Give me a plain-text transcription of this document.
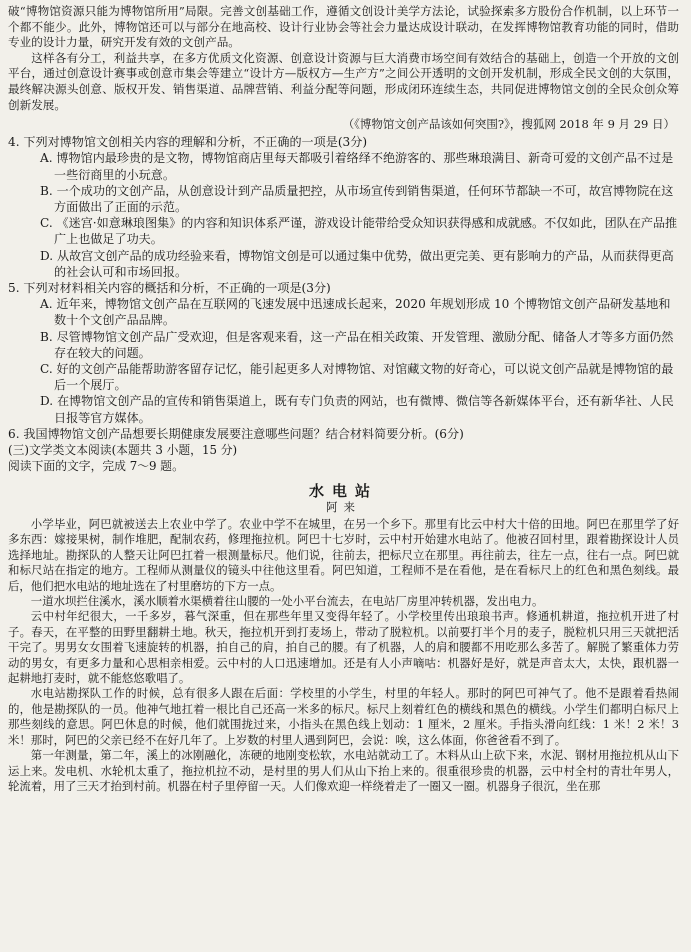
破“博物馆资源只能为博物馆所用”局限。完善文创基础工作，遵循文创设计美学方法论，试验探索多方股份合作机制，以上环节一个都不能少。此外，博物馆还可以与部分在地高校、设计行业协会等社会力量达成设计联动，在发挥博物馆教育功能的同时，借助专业的设计力量，研究开发有效的文创产品。

这样各有分工，利益共享，在多方优质文化资源、创意设计资源与巨大消费市场空间有效结合的基础上，创造一个开放的文创平台，通过创意设计赛事或创意市集会等建立“设计方—版权方—生产方”之间公开透明的文创开发机制，形成全民文创的大氛围，最终解决源头创意、版权开发、销售渠道、品牌营销、利益分配等问题，形成闭环连续生态，共同促进博物馆文创的全民众创众筹创新发展。

（《博物馆文创产品该如何突围?》，搜狐网 2018 年 9 月 29 日）

4. 下列对博物馆文创相关内容的理解和分析，不正确的一项是(3分)

A. 博物馆内最珍贵的是文物，博物馆商店里每天都吸引着络绎不绝游客的、那些琳琅满目、新奇可爱的文创产品不过是一些衍商里的小玩意。

B. 一个成功的文创产品，从创意设计到产品质量把控，从市场宣传到销售渠道，任何环节都缺一不可，故宫博物院在这方面做出了正面的示范。

C. 《迷宫·如意琳琅图集》的内容和知识体系严谨，游戏设计能带给受众知识获得感和成就感。不仅如此，团队在产品推广上也做足了功夫。

D. 从故宫文创产品的成功经验来看，博物馆文创是可以通过集中优势，做出更完美、更有影响力的产品，从而获得更高的社会认可和市场回报。

5. 下列对材料相关内容的概括和分析，不正确的一项是(3分)

A. 近年来，博物馆文创产品在互联网的飞速发展中迅速成长起来，2020 年规划形成 10 个博物馆文创产品研发基地和数十个文创产品品牌。

B. 尽管博物馆文创产品广受欢迎，但是客观来看，这一产品在相关政策、开发管理、激励分配、储备人才等多方面仍然存在较大的问题。

C. 好的文创产品能帮助游客留存记忆，能引起更多人对博物馆、对馆藏文物的好奇心，可以说文创产品就是博物馆的最后一个展厅。

D. 在博物馆文创产品的宣传和销售渠道上，既有专门负责的网站，也有微博、微信等各新媒体平台，还有新华社、人民日报等官方媒体。

6. 我国博物馆文创产品想要长期健康发展要注意哪些问题？结合材料简要分析。(6分)

(三)文学类文本阅读(本题共 3 小题，15 分)

阅读下面的文字，完成 7～9 题。

水电站

阿来

小学毕业，阿巴就被送去上农业中学了。农业中学不在城里，在另一个乡下。那里有比云中村大十倍的田地。阿巴在那里学了好多东西：嫁接果树，制作堆肥，配制农药，修理拖拉机。阿巴十七岁时，云中村开始建水电站了。他被召回村里，跟着勘探设计人员选择地址。勘探队的人整天让阿巴扛着一根测量标尺。他们说，往前去，把标尺立在那里。再往前去，往左一点，往右一点。阿巴就和标尺站在指定的地方。工程师从测量仪的镜头中往他这里看。阿巴知道，工程师不是在看他，是在看标尺上的红色和黑色刻线。最后，他们把水电站的地址选在了村里磨坊的下方一点。

一道水坝拦住溪水，溪水顺着水渠横着往山腰的一处小平台流去，在电站厂房里冲转机器，发出电力。

云中村年纪很大，一千多岁，暮气深重，但在那些年里又变得年轻了。小学校里传出琅琅书声。修通机耕道，拖拉机开进了村子。春天，在平整的田野里翻耕土地。秋天，拖拉机开到打麦场上，带动了脱粒机。以前要打半个月的麦子，脱粒机只用三天就把活干完了。男男女女围着飞速旋转的机器，拍自己的肩，拍自己的腰。有了机器，人的肩和腰都不用吃那么多苦了。解脱了繁重体力劳动的男女，有更多力量和心思相亲相爱。云中村的人口迅速增加。还是有人小声嘀咕：机器好是好，就是声音太大，太快，跟机器一起耕地打麦时，就不能悠悠歌唱了。

水电站勘探队工作的时候，总有很多人跟在后面：学校里的小学生，村里的年轻人。那时的阿巴可神气了。他不是跟着看热闹的，他是勘探队的一员。他神气地扛着一根比自己还高一米多的标尺。标尺上刻着红色的横线和黑色的横线。小学生们都明白标尺上那些刻线的意思。阿巴休息的时候，他们就围拢过来，小指头在黑色线上划动：1 厘米，2 厘米。手指头滑向红线：1 米！2 米！3 米！那时，阿巴的父亲已经不在好几年了。上岁数的村里人遇到阿巴，会说：唉，这么体面，你爸爸看不到了。

第一年测量，第二年，溪上的冰刚融化，冻硬的地刚变松软，水电站就动工了。木料从山上砍下来，水泥、钢材用拖拉机从山下运上来。发电机、水轮机太重了，拖拉机拉不动，是村里的男人们从山下抬上来的。很重很珍贵的机器，云中村全村的青壮年男人，轮流着，用了三天才抬到村前。机器在村子里停留一天。人们像欢迎一样绕着走了一圈又一圈。机器身子很沉，坐在那
